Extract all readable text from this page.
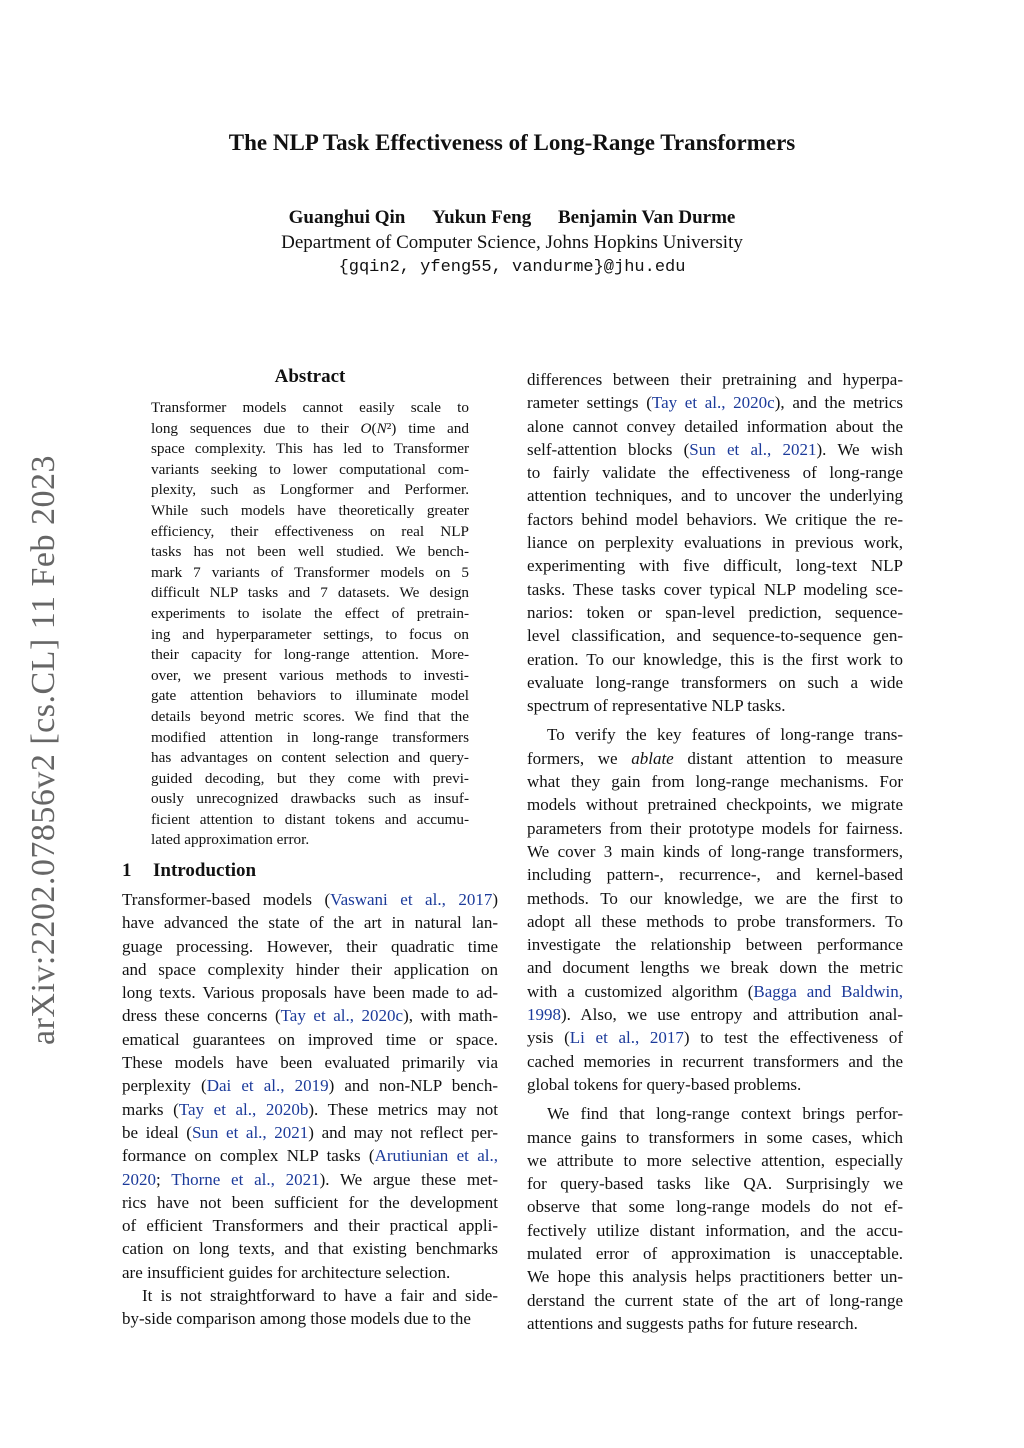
arXiv:2202.07856v2 [cs.CL] 11 Feb 2023
The NLP Task Effectiveness of Long-Range Transformers
Guanghui Qin Yukun Feng Benjamin Van Durme
Department of Computer Science, Johns Hopkins University
{gqin2, yfeng55, vandurme}@jhu.edu
Abstract
Transformer models cannot easily scale to
long sequences due to their O(N²) time and
space complexity. This has led to Transformer
variants seeking to lower computational com-
plexity, such as Longformer and Performer.
While such models have theoretically greater
efficiency, their effectiveness on real NLP
tasks has not been well studied. We bench-
mark 7 variants of Transformer models on 5
difficult NLP tasks and 7 datasets. We design
experiments to isolate the effect of pretrain-
ing and hyperparameter settings, to focus on
their capacity for long-range attention. More-
over, we present various methods to investi-
gate attention behaviors to illuminate model
details beyond metric scores. We find that the
modified attention in long-range transformers
has advantages on content selection and query-
guided decoding, but they come with previ-
ously unrecognized drawbacks such as insuf-
ficient attention to distant tokens and accumu-
lated approximation error.
1 Introduction
Transformer-based models (Vaswani et al., 2017)
have advanced the state of the art in natural lan-
guage processing. However, their quadratic time
and space complexity hinder their application on
long texts. Various proposals have been made to ad-
dress these concerns (Tay et al., 2020c), with math-
ematical guarantees on improved time or space.
These models have been evaluated primarily via
perplexity (Dai et al., 2019) and non-NLP bench-
marks (Tay et al., 2020b). These metrics may not
be ideal (Sun et al., 2021) and may not reflect per-
formance on complex NLP tasks (Arutiunian et al.,
2020; Thorne et al., 2021). We argue these met-
rics have not been sufficient for the development
of efficient Transformers and their practical appli-
cation on long texts, and that existing benchmarks
are insufficient guides for architecture selection.
It is not straightforward to have a fair and side-
by-side comparison among those models due to the
differences between their pretraining and hyperpa-
rameter settings (Tay et al., 2020c), and the metrics
alone cannot convey detailed information about the
self-attention blocks (Sun et al., 2021). We wish
to fairly validate the effectiveness of long-range
attention techniques, and to uncover the underlying
factors behind model behaviors. We critique the re-
liance on perplexity evaluations in previous work,
experimenting with five difficult, long-text NLP
tasks. These tasks cover typical NLP modeling sce-
narios: token or span-level prediction, sequence-
level classification, and sequence-to-sequence gen-
eration. To our knowledge, this is the first work to
evaluate long-range transformers on such a wide
spectrum of representative NLP tasks.
To verify the key features of long-range trans-
formers, we ablate distant attention to measure
what they gain from long-range mechanisms. For
models without pretrained checkpoints, we migrate
parameters from their prototype models for fairness.
We cover 3 main kinds of long-range transformers,
including pattern-, recurrence-, and kernel-based
methods. To our knowledge, we are the first to
adopt all these methods to probe transformers. To
investigate the relationship between performance
and document lengths we break down the metric
with a customized algorithm (Bagga and Baldwin,
1998). Also, we use entropy and attribution anal-
ysis (Li et al., 2017) to test the effectiveness of
cached memories in recurrent transformers and the
global tokens for query-based problems.
We find that long-range context brings perfor-
mance gains to transformers in some cases, which
we attribute to more selective attention, especially
for query-based tasks like QA. Surprisingly we
observe that some long-range models do not ef-
fectively utilize distant information, and the accu-
mulated error of approximation is unacceptable.
We hope this analysis helps practitioners better un-
derstand the current state of the art of long-range
attentions and suggests paths for future research.
